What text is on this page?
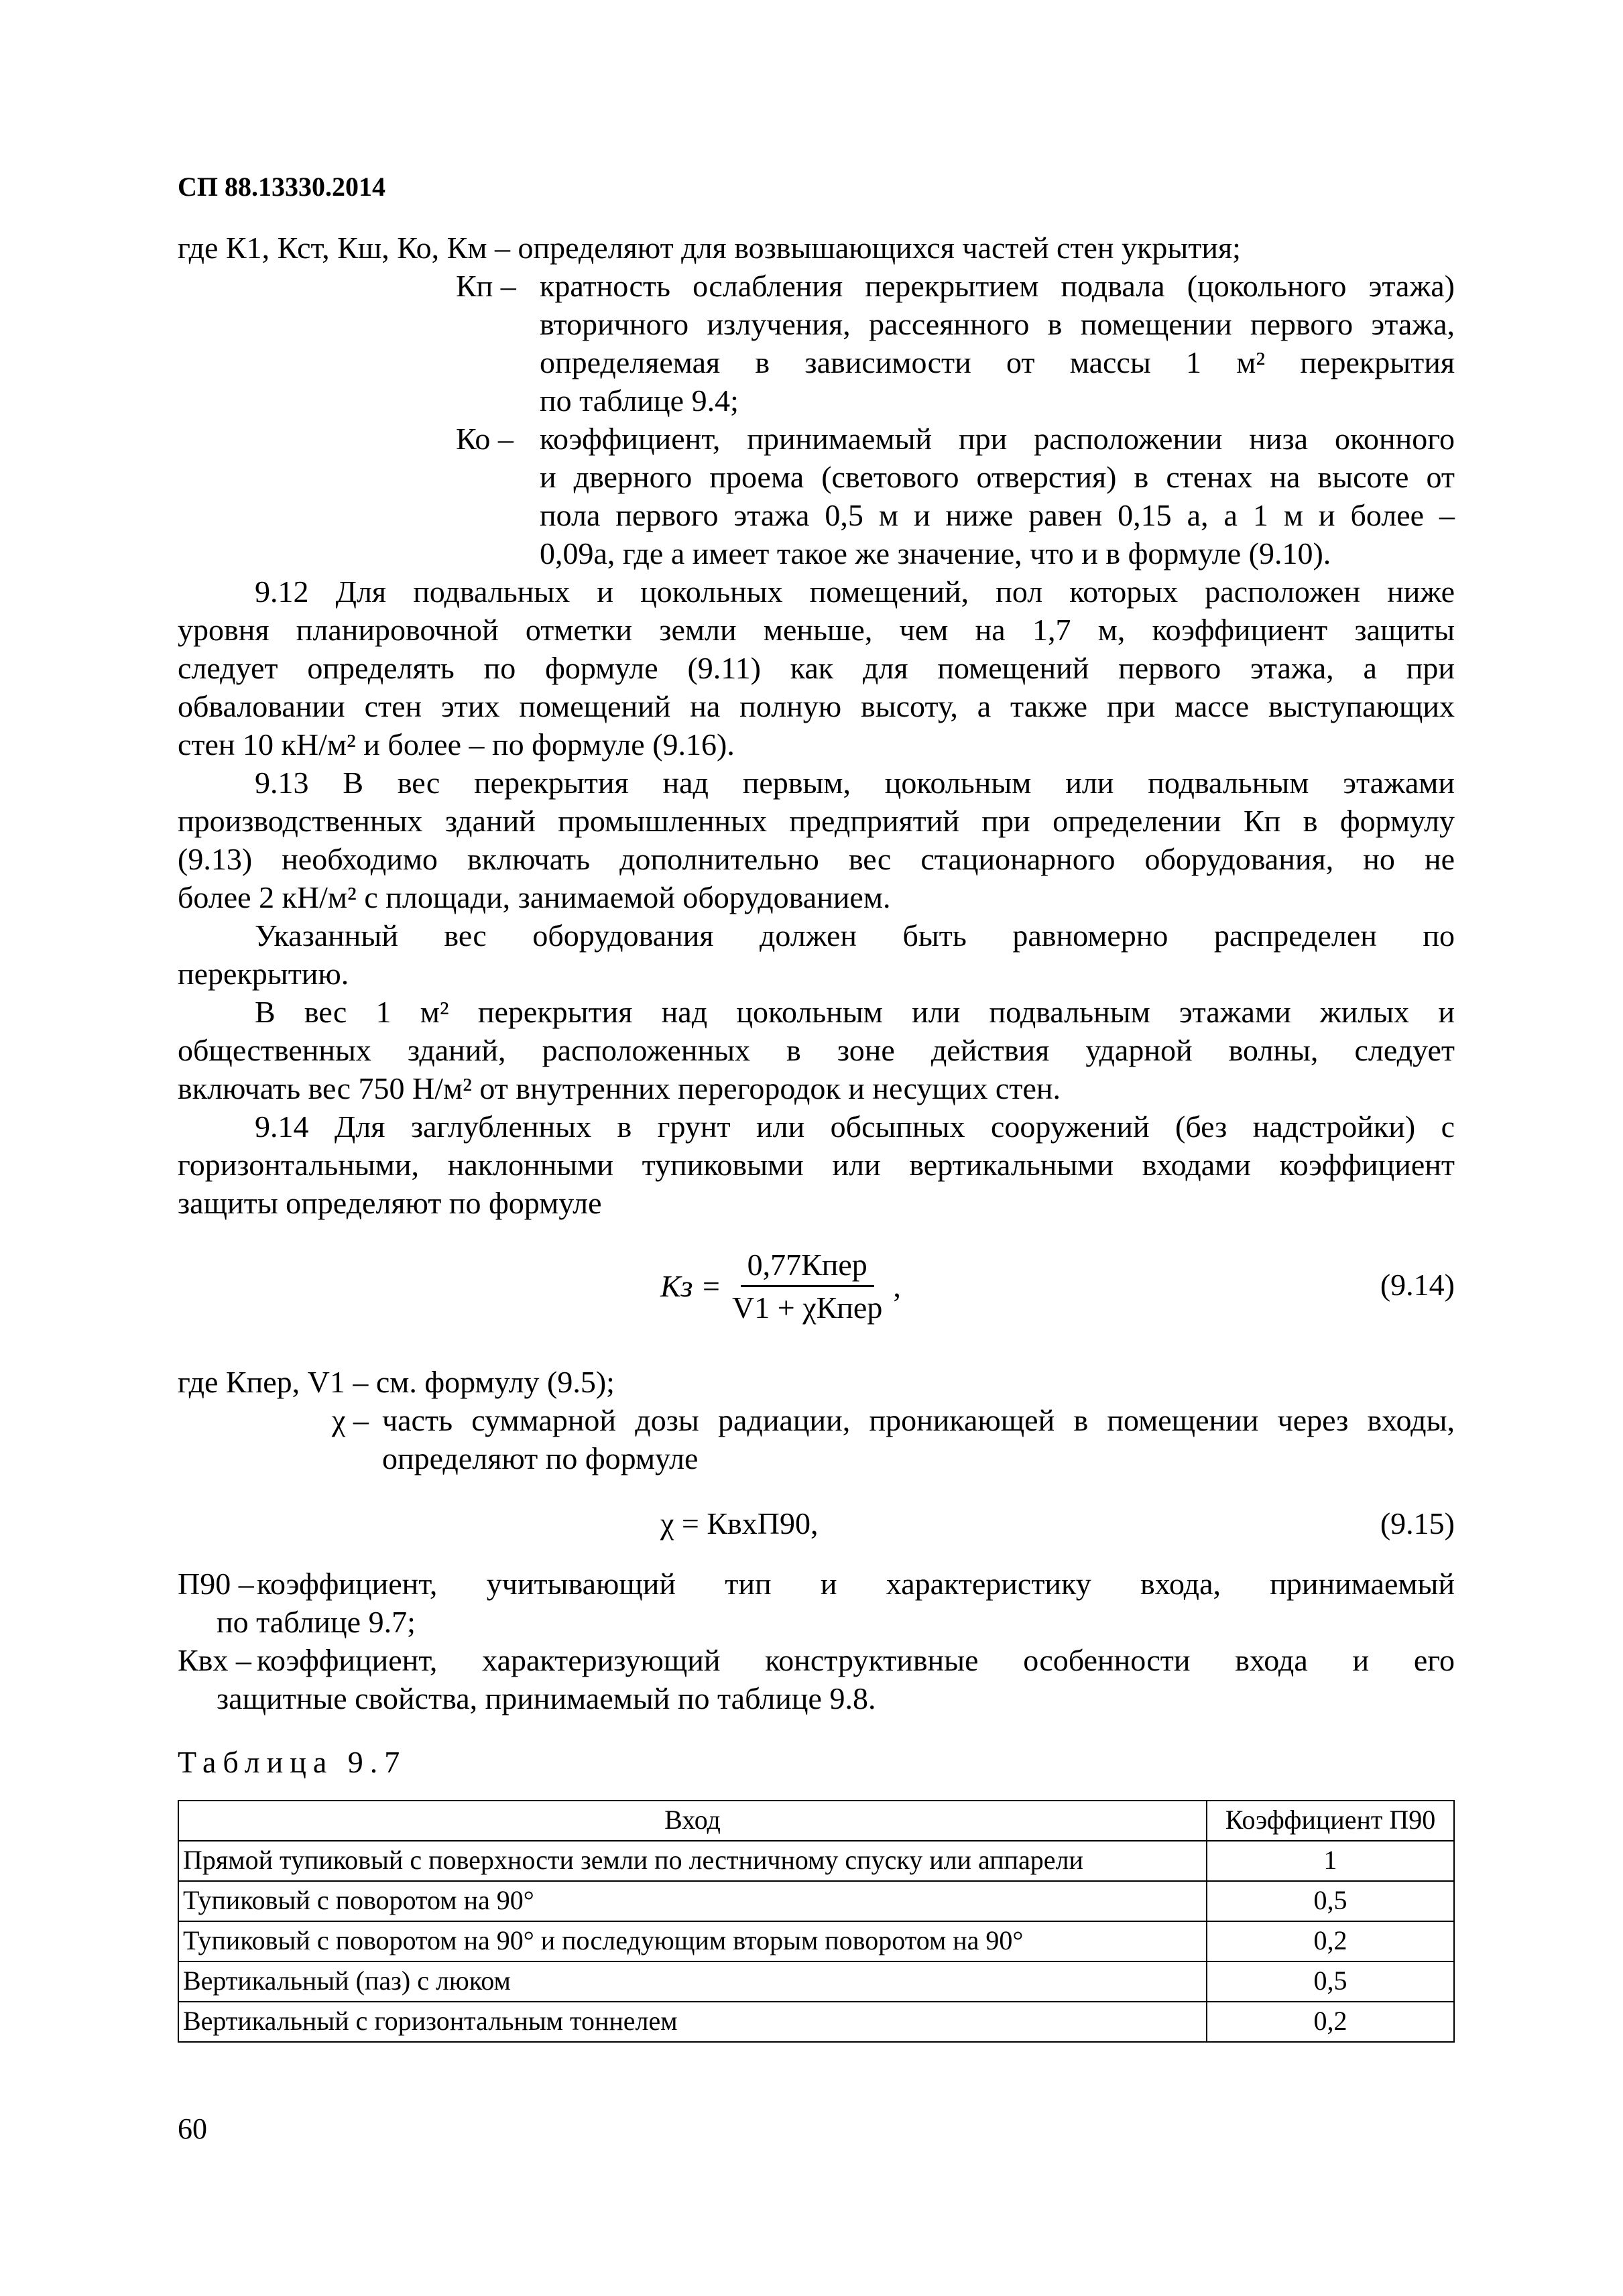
СП 88.13330.2014
где К1, Кст, Кш, Ко, Км – определяют для возвышающихся частей стен укрытия;
Кп – кратность ослабления перекрытием подвала (цокольного этажа)
вторичного излучения, рассеянного в помещении первого этажа,
определяемая в зависимости от массы 1 м² перекрытия
по таблице 9.4;
Ко – коэффициент, принимаемый при расположении низа оконного
и дверного проема (светового отверстия) в стенах на высоте от
пола первого этажа 0,5 м и ниже равен 0,15 а, а 1 м и более –
0,09а, где а имеет такое же значение, что и в формуле (9.10).
9.12 Для подвальных и цокольных помещений, пол которых расположен ниже
уровня планировочной отметки земли меньше, чем на 1,7 м, коэффициент защиты
следует определять по формуле (9.11) как для помещений первого этажа, а при
обваловании стен этих помещений на полную высоту, а также при массе выступающих
стен 10 кН/м² и более – по формуле (9.16).
9.13 В вес перекрытия над первым, цокольным или подвальным этажами
производственных зданий промышленных предприятий при определении Кп в формулу
(9.13) необходимо включать дополнительно вес стационарного оборудования, но не
более 2 кН/м² с площади, занимаемой оборудованием.
Указанный вес оборудования должен быть равномерно распределен по
перекрытию.
В вес 1 м² перекрытия над цокольным или подвальным этажами жилых и
общественных зданий, расположенных в зоне действия ударной волны, следует
включать вес 750 Н/м² от внутренних перегородок и несущих стен.
9.14 Для заглубленных в грунт или обсыпных сооружений (без надстройки) с
горизонтальными, наклонными тупиковыми или вертикальными входами коэффициент
защиты определяют по формуле
Кз = $\frac{\text{0,77Кпер}}{\text{V1 + χКпер}}$ ,	(9.14)
где Кпер, V1 – см. формулу (9.5);
χ – часть суммарной дозы радиации, проникающей в помещении через входы,
определяют по формуле
χ = КвхП90,	(9.15)
П90 – коэффициент, учитывающий тип и характеристику входа, принимаемый
по таблице 9.7;
Квх – коэффициент, характеризующий конструктивные особенности входа и его
защитные свойства, принимаемый по таблице 9.8.
Таблица 9.7
Вход	Коэффициент П90
Прямой тупиковый с поверхности земли по лестничному спуску или аппарели	1
Тупиковый с поворотом на 90°	0,5
Тупиковый с поворотом на 90° и последующим вторым поворотом на 90°	0,2
Вертикальный (паз) с люком	0,5
Вертикальный с горизонтальным тоннелем	0,2
60
